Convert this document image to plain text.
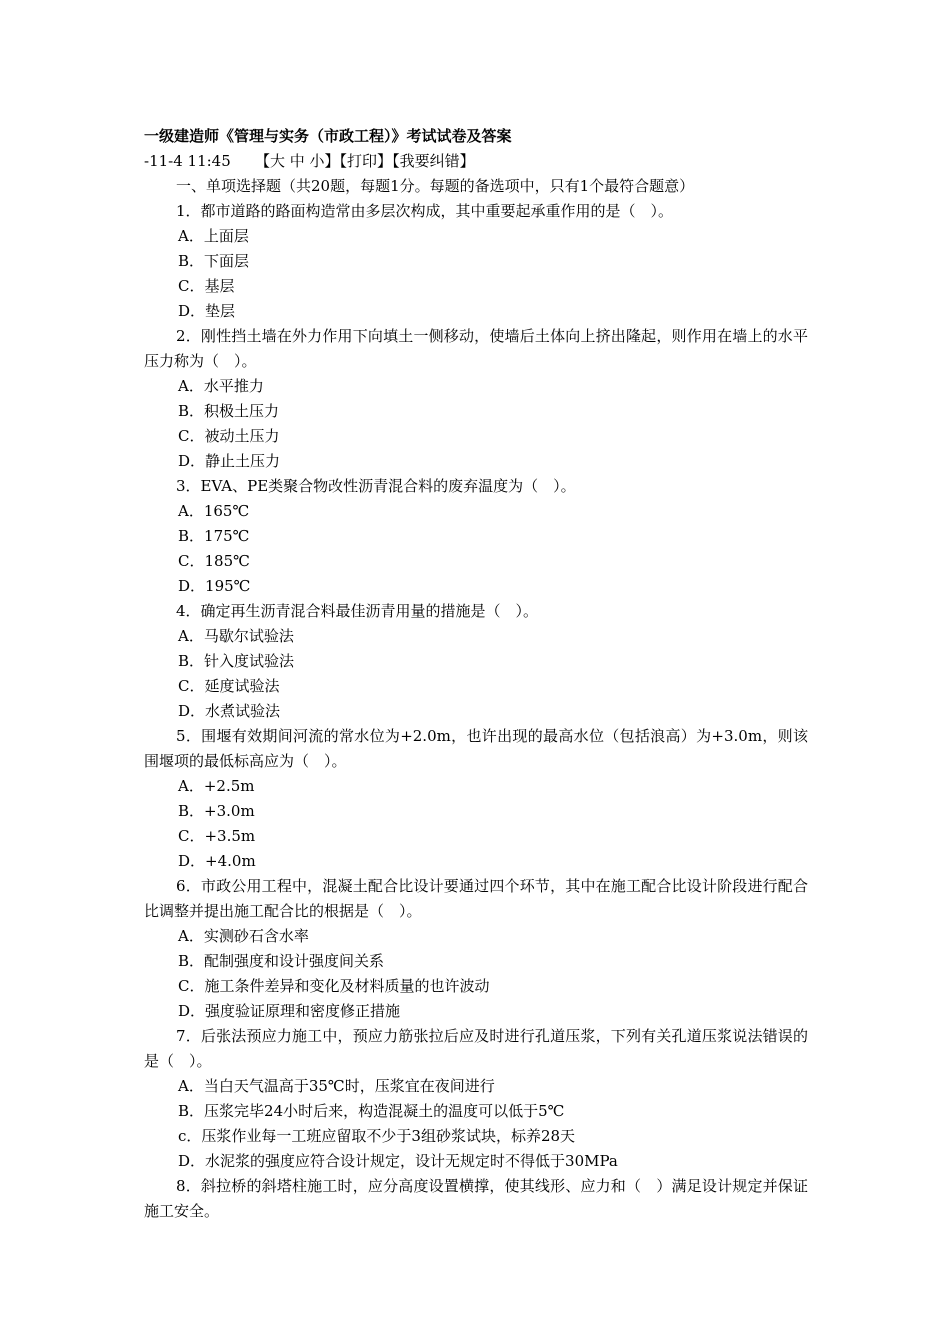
一级建造师《管理与实务（市政工程）》考试试卷及答案
-11-4 11:45 【大 中 小】【打印】【我要纠错】
一、单项选择题（共20题，每题1分。每题的备选项中，只有1个最符合题意）
1．都市道路的路面构造常由多层次构成，其中重要起承重作用的是（　）。
A．上面层
B．下面层
C．基层
D．垫层
2．刚性挡土墙在外力作用下向填土一侧移动，使墙后土体向上挤出隆起，则作用在墙上的水平压力称为（　）。
A．水平推力
B．积极土压力
C．被动土压力
D．静止土压力
3．EVA、PE类聚合物改性沥青混合料的废弃温度为（　）。
A．165℃
B．175℃
C．185℃
D．195℃
4．确定再生沥青混合料最佳沥青用量的措施是（　）。
A．马歇尔试验法
B．针入度试验法
C．延度试验法
D．水煮试验法
5．围堰有效期间河流的常水位为+2.0m，也许出现的最高水位（包括浪高）为+3.0m，则该围堰项的最低标高应为（　）。
A．+2.5m
B．+3.0m
C．+3.5m
D．+4.0m
6．市政公用工程中，混凝土配合比设计要通过四个环节，其中在施工配合比设计阶段进行配合比调整并提出施工配合比的根据是（　）。
A．实测砂石含水率
B．配制强度和设计强度间关系
C．施工条件差异和变化及材料质量的也许波动
D．强度验证原理和密度修正措施
7．后张法预应力施工中，预应力筋张拉后应及时进行孔道压浆，下列有关孔道压浆说法错误的是（　）。
A．当白天气温高于35℃时，压浆宜在夜间进行
B．压浆完毕24小时后来，构造混凝土的温度可以低于5℃
c．压浆作业每一工班应留取不少于3组砂浆试块，标养28天
D．水泥浆的强度应符合设计规定，设计无规定时不得低于30MPa
8．斜拉桥的斜塔柱施工时，应分高度设置横撑，使其线形、应力和（　）满足设计规定并保证施工安全。
